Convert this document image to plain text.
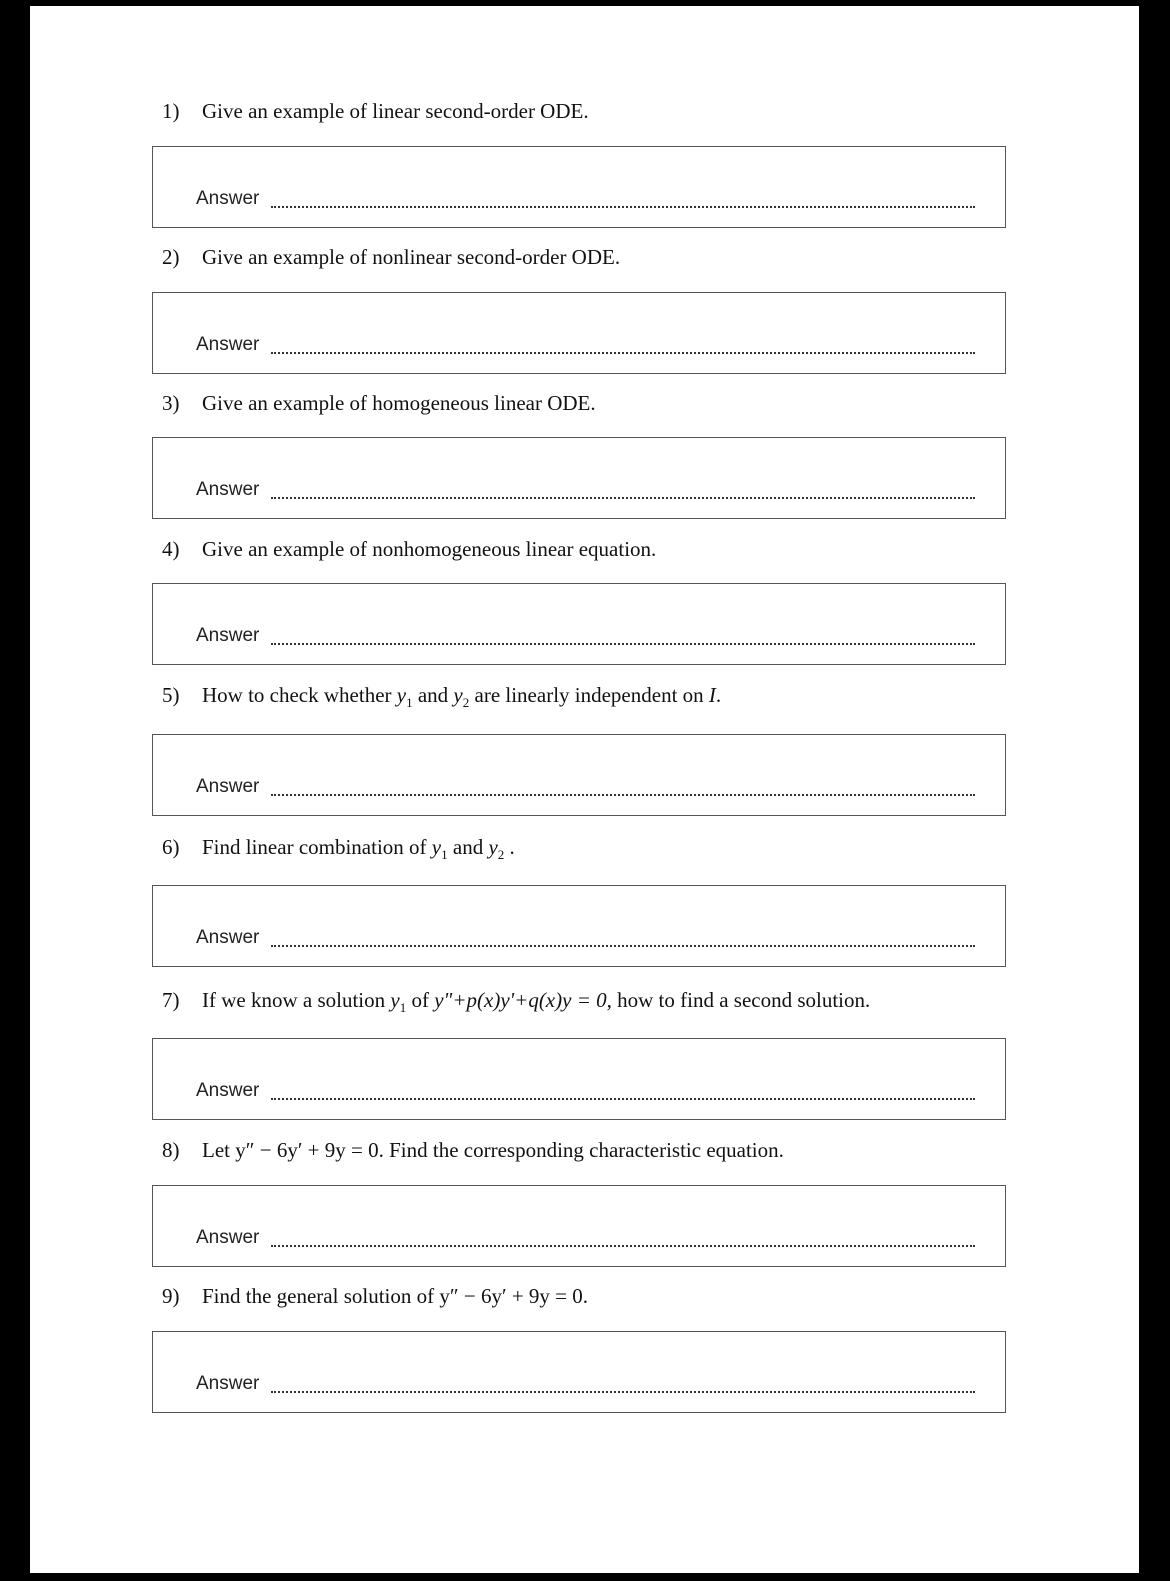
1) Give an example of linear second-order ODE.
Answer
2) Give an example of nonlinear second-order ODE.
Answer
3) Give an example of homogeneous linear ODE.
Answer
4) Give an example of nonhomogeneous linear equation.
Answer
5) How to check whether $y_1$ and $y_2$ are linearly independent on I.
Answer
6) Find linear combination of $y_1$ and $y_2$ .
Answer
7) If we know a solution $y_1$ of y"+p(x)y'+q(x)y = 0, how to find a second solution.
Answer
8) Let y″ − 6y′ + 9y = 0. Find the corresponding characteristic equation.
Answer
9) Find the general solution of y″ − 6y′ + 9y = 0.
Answer
